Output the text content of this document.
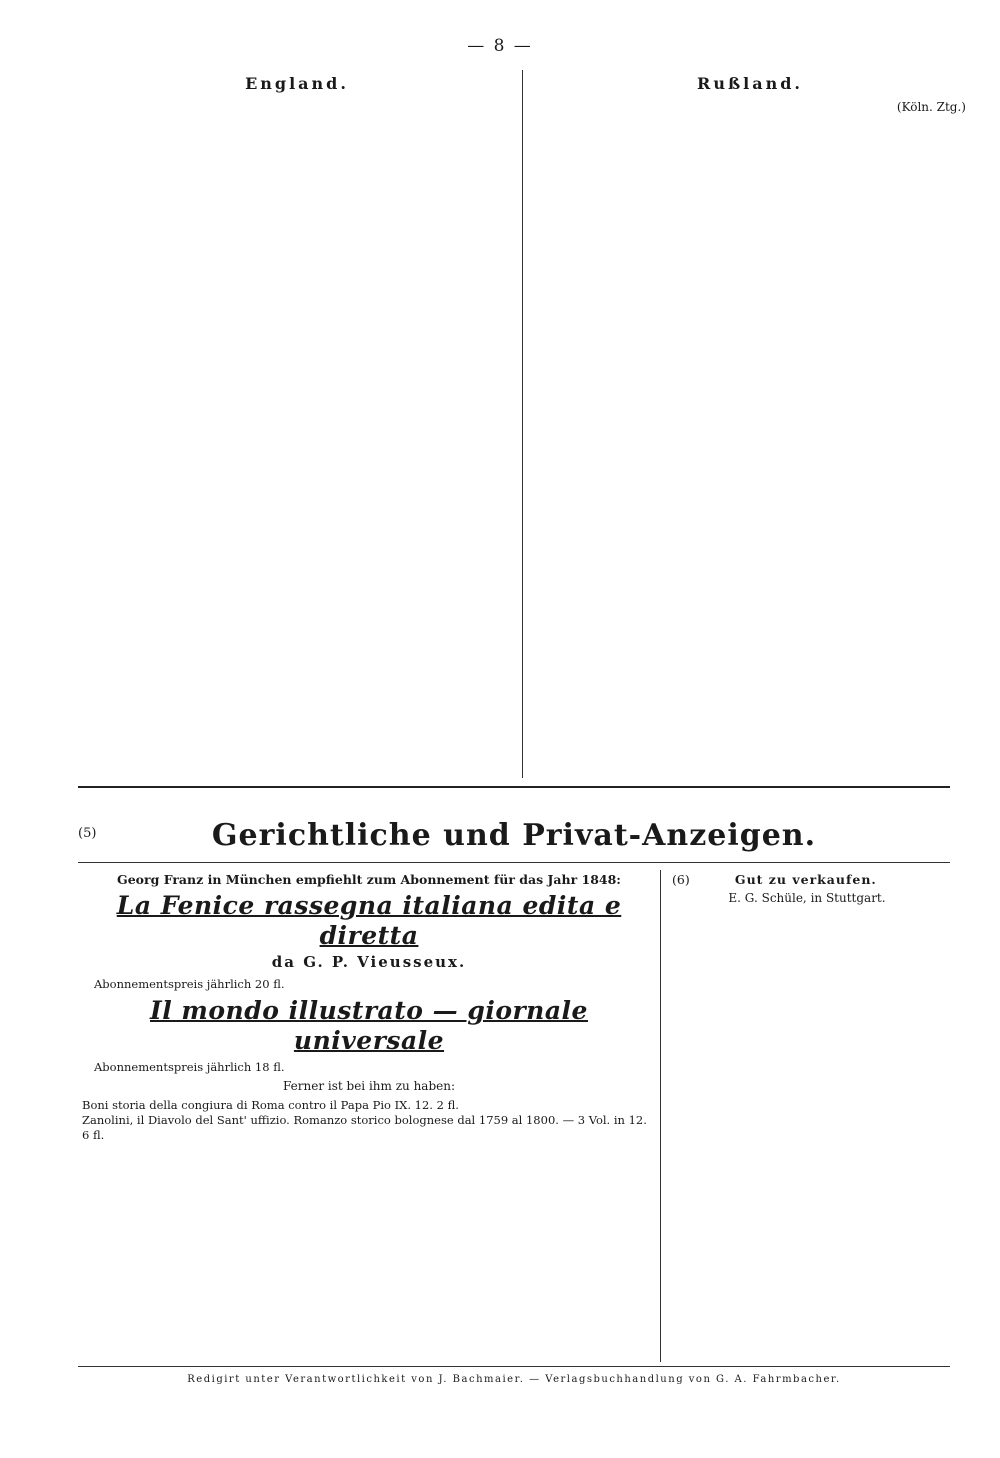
— 8 —
England.	Rußland.
(Köln. Ztg.)
(5)	Gerichtliche und Privat-Anzeigen.
Georg Franz in München empfiehlt zum Abonnement für das Jahr 1848:
La Fenice rassegna italiana edita e diretta
da G. P. Vieusseux.
Abonnementspreis jährlich 20 fl.
Il mondo illustrato — giornale universale
Abonnementspreis jährlich 18 fl.
Ferner ist bei ihm zu haben:
Boni storia della congiura di Roma contro il Papa Pio IX. 12. 2 fl.
Zanolini, il Diavolo del Sant' uffizio. Romanzo storico bolognese dal 1759 al 1800. — 3 Vol. in 12. 6 fl.
(6)	Gut zu verkaufen.
E. G. Schüle, in Stuttgart.
Redigirt unter Verantwortlichkeit von J. Bachmaier. — Verlagsbuchhandlung von G. A. Fahrmbacher.
